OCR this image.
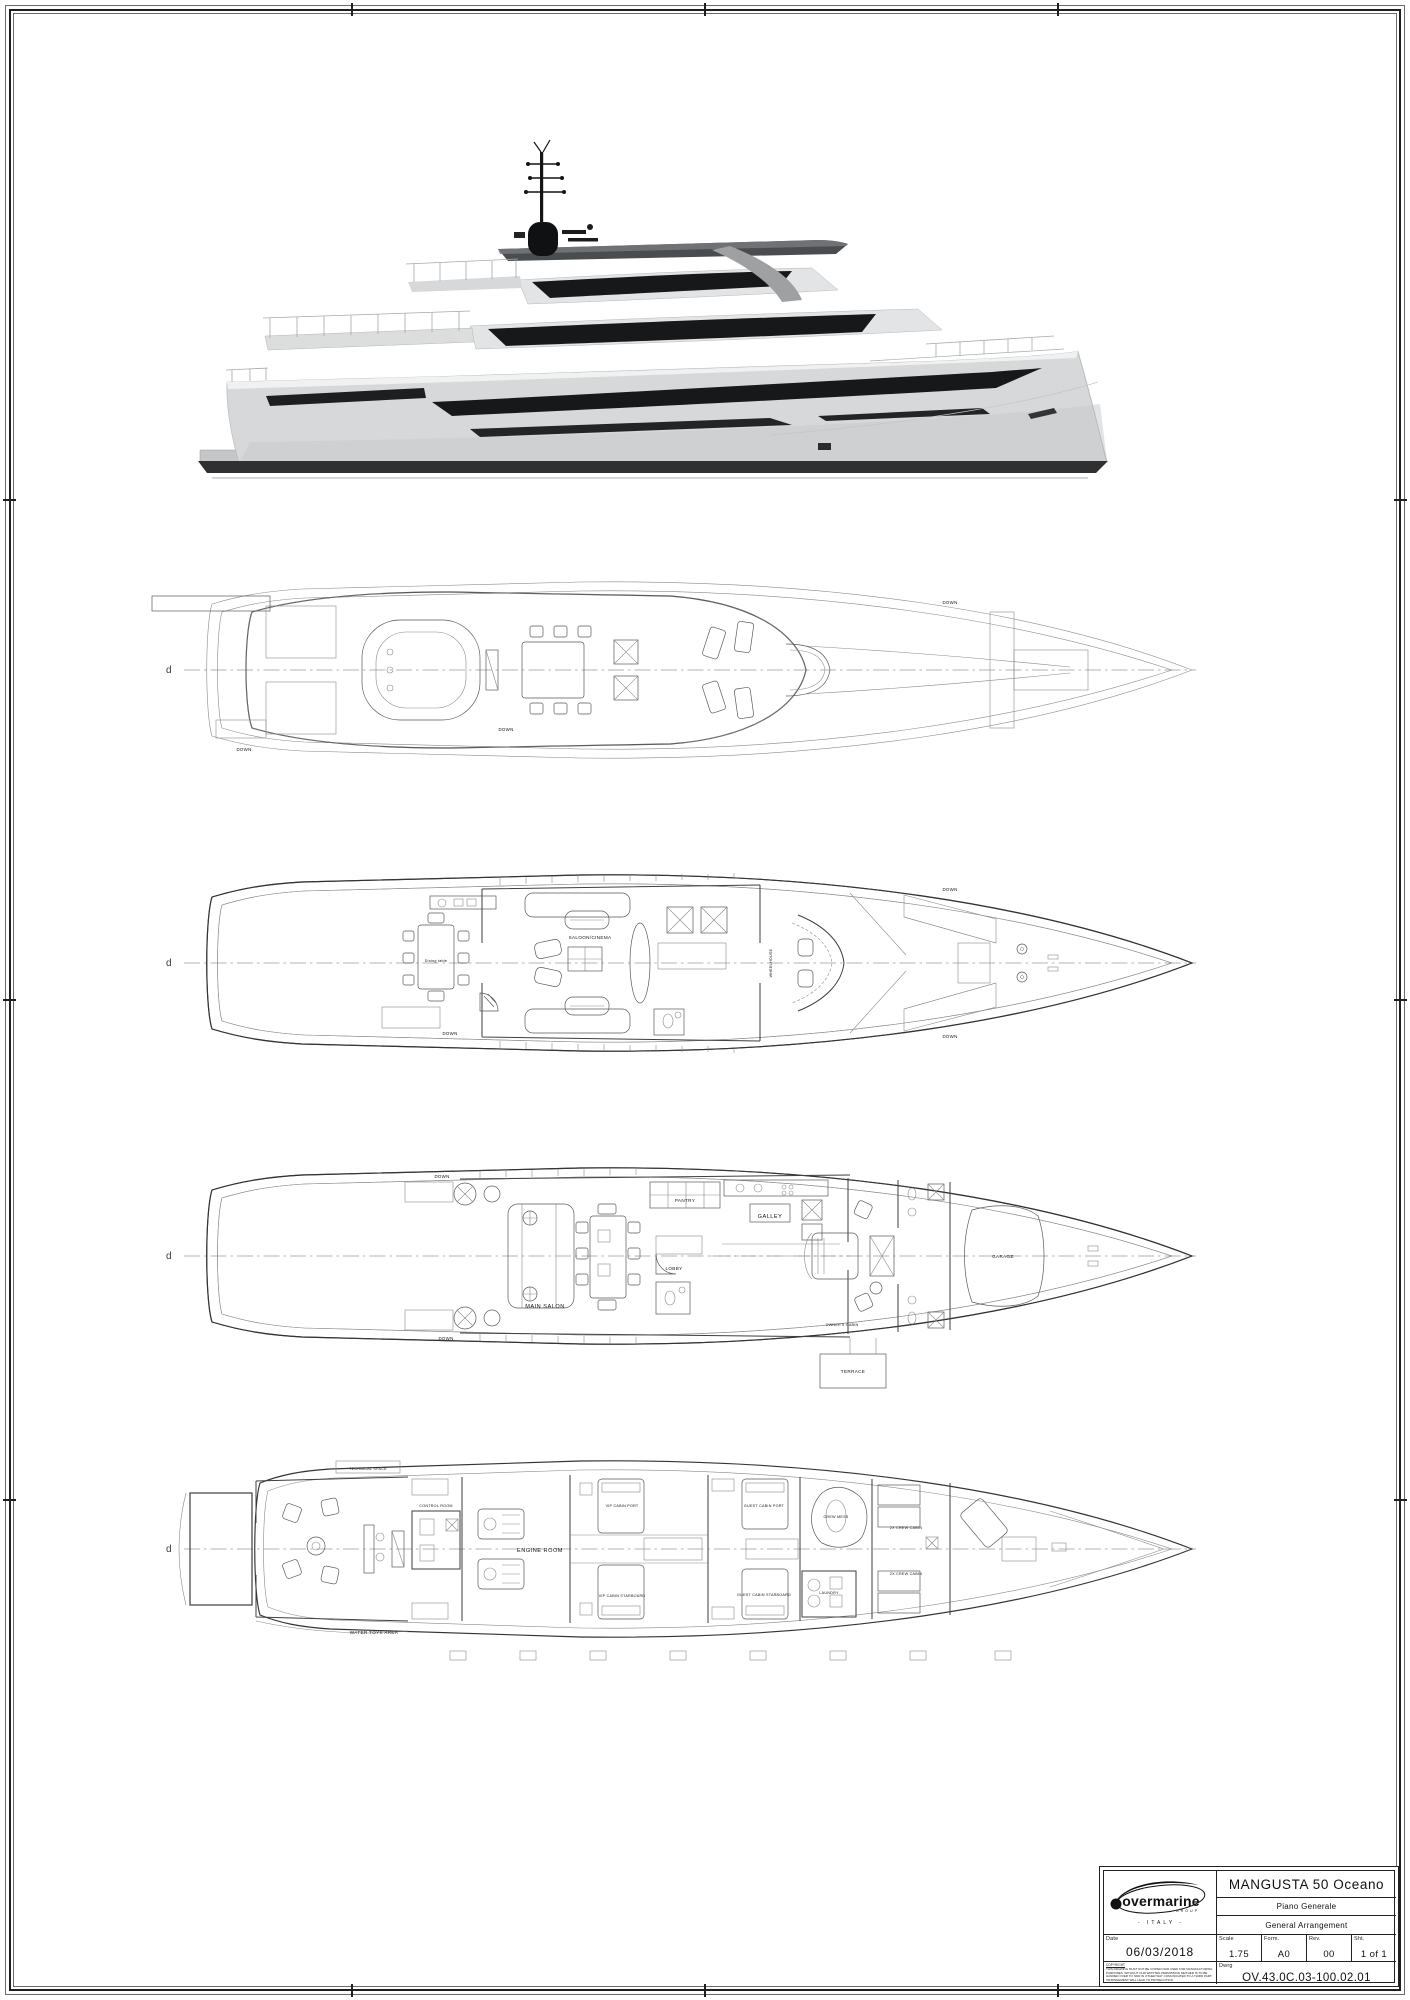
d
DOWN
DOWN
DOWN
d	Dining table
SALOON/CINEMA
WHEELHOUSE
DOWN
DOWN
DOWN
d
DOWN
PANTRY
GALLEY
MAIN SALON
LOBBY
OWNER'S CABIN
GARAGE
TERRACE
DOWN
d
TECHNICAL SPACE
CONTROL ROOM
ENGINE ROOM
WATER TOYS AREA
VIP CABIN PORT
VIP CABIN STARBOARD
GUEST CABIN PORT
GUEST CABIN STARBOARD
CREW MESS
LAUNDRY
2X CREW CABIN
2X CREW CABIN
overmarine
GROUP
- ITALY -
MANGUSTA 50 Oceano
Piano Generale
General Arrangement
Date
06/03/2018
Scale
1.75
Form.
A0
Rev.
00
Sht.
1 of 1
COPYRIGHT
THIS DRAWING MUST NOT BE COPIED NOR USED FOR MANUFACTURING PURPOSES, WITHOUT OUR WRITTEN PERMISSION NEITHER IS TO BE HANDED OVER TO NOR IN OTHER WAY COMUNICATED TO A THIRD PART. INFRINGEMENT WILL LEAD TO PROSECUTION
Dwrg
OV.43.0C.03-100.02.01
